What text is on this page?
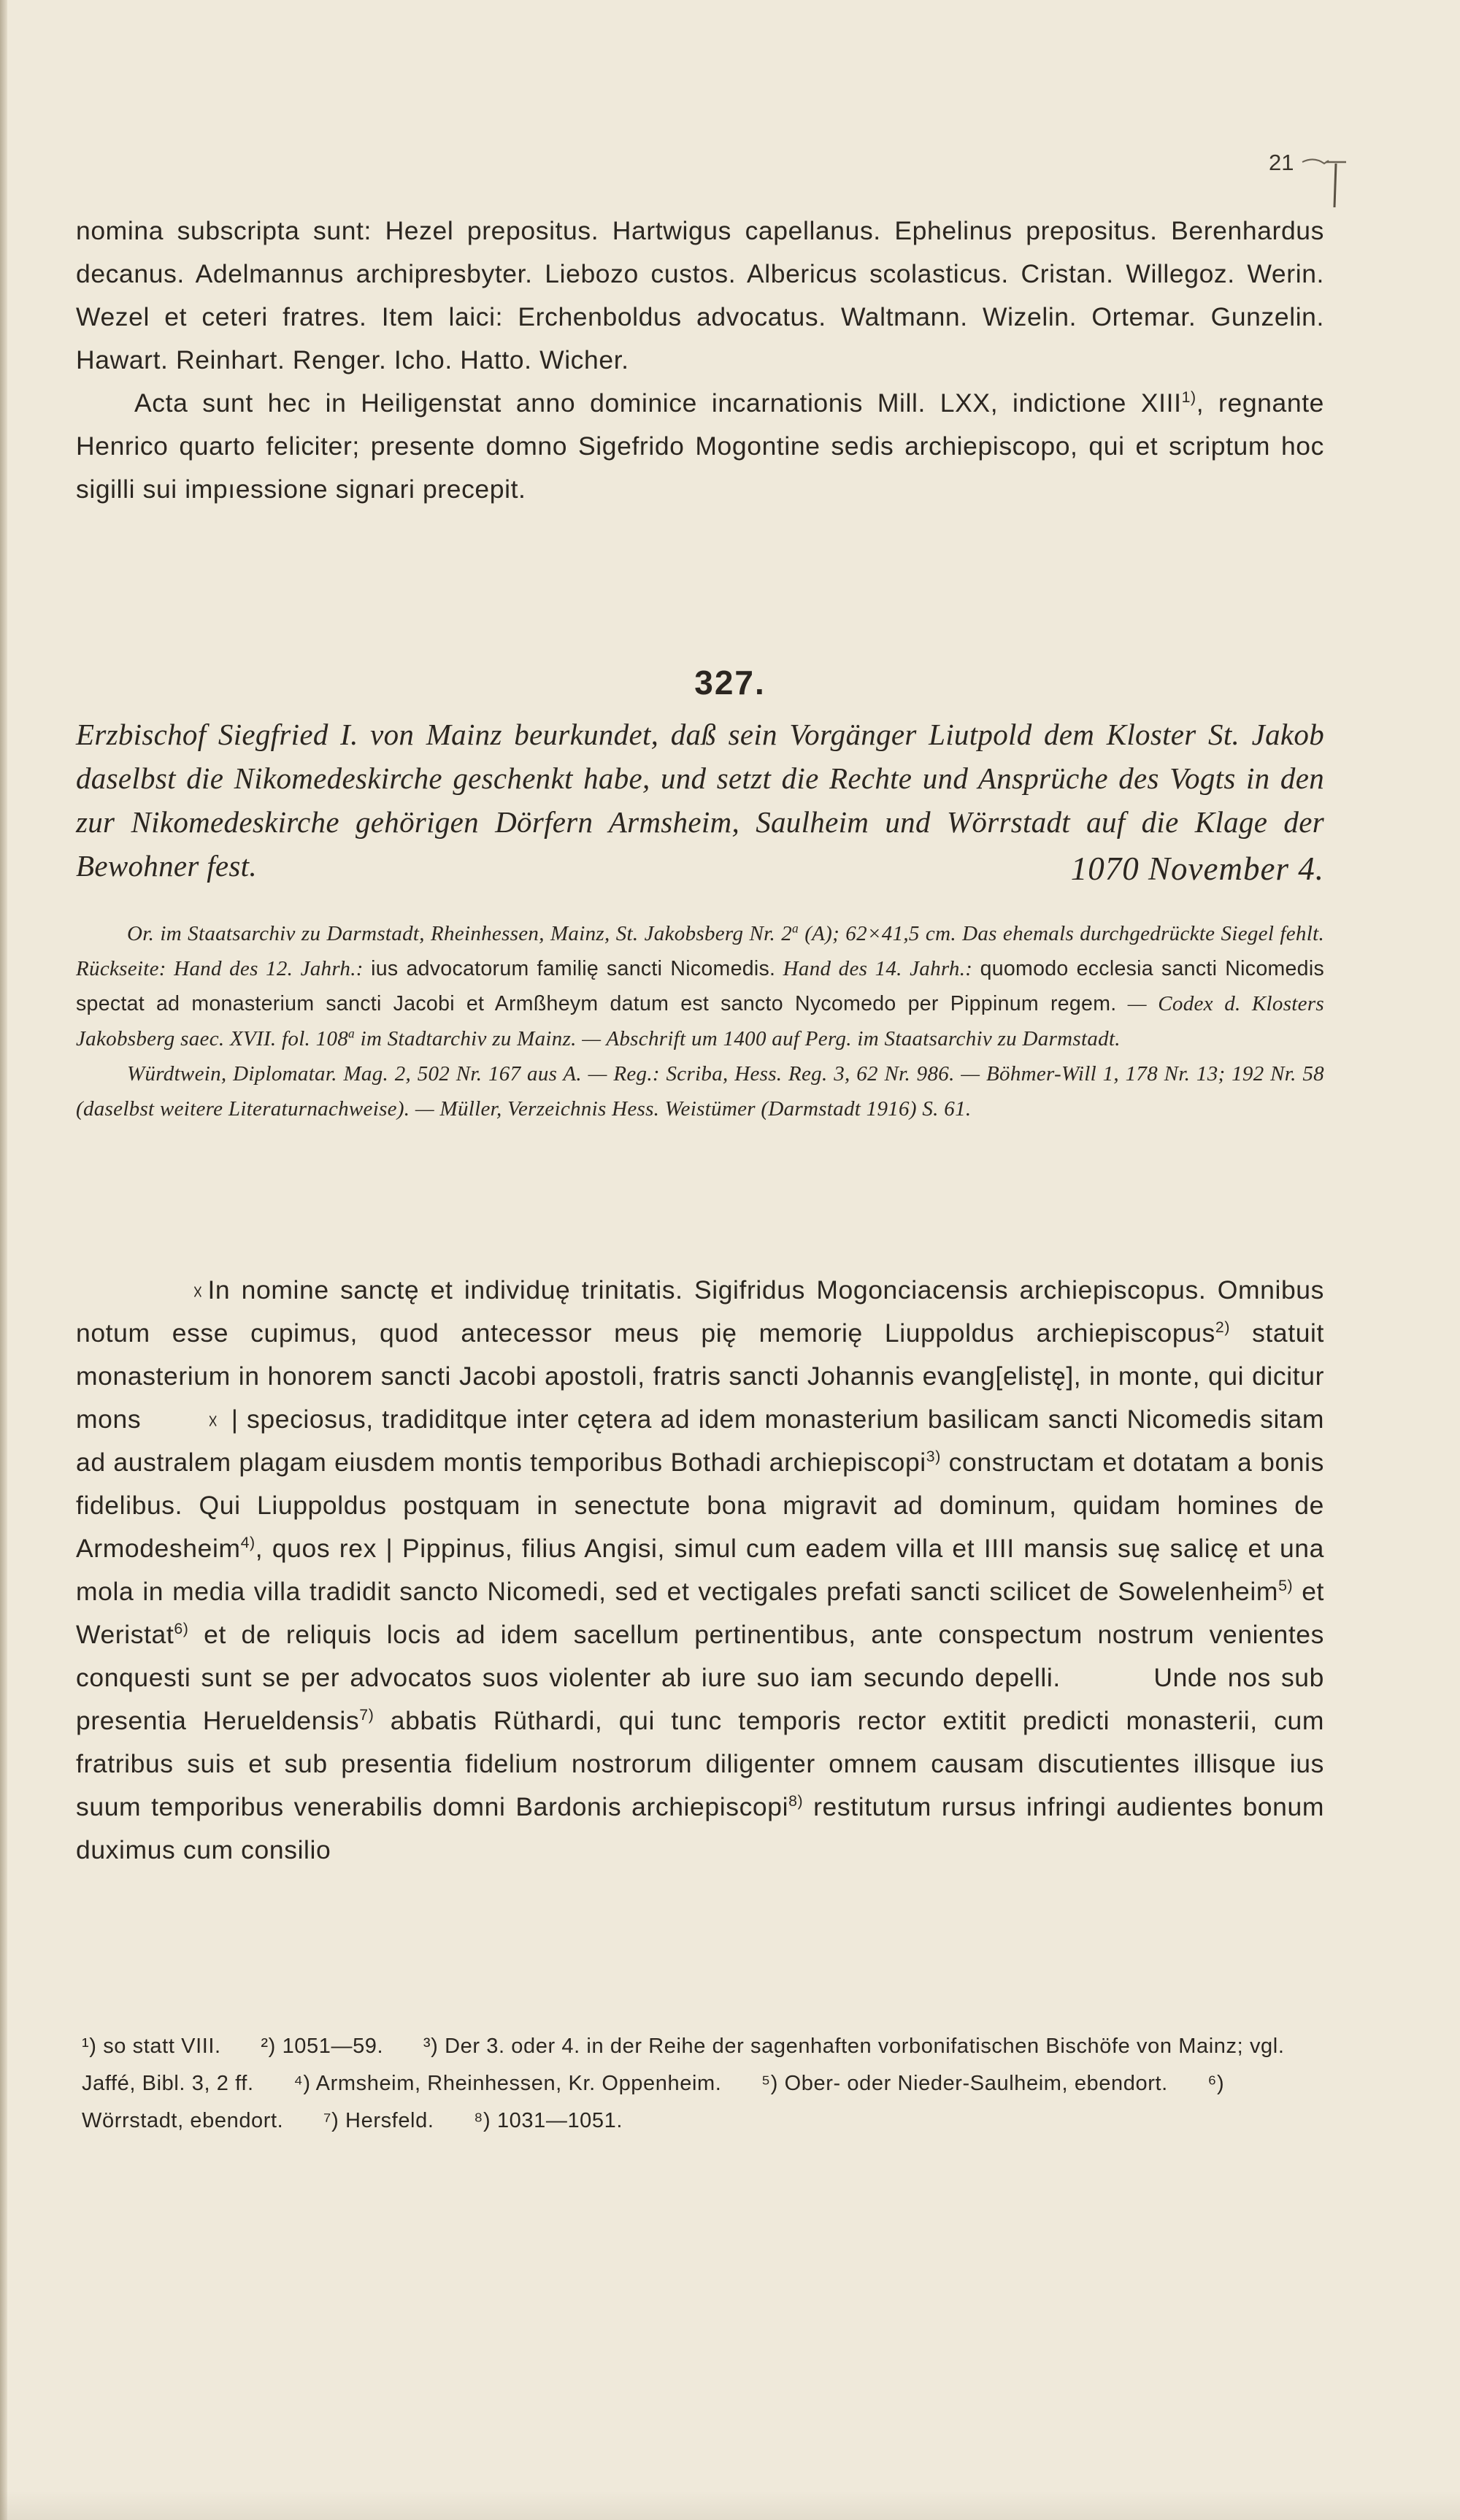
21

nomina subscripta sunt: Hezel prepositus. Hartwigus capellanus. Ephelinus prepositus. Berenhardus decanus. Adelmannus archipresbyter. Liebozo custos. Albericus scolasticus. Cristan. Willegoz. Werin. Wezel et ceteri fratres. Item laici: Erchenboldus advocatus. Waltmann. Wizelin. Ortemar. Gunzelin. Hawart. Reinhart. Renger. Icho. Hatto. Wicher.

Acta sunt hec in Heiligenstat anno dominice incarnationis Mill. LXX, indictione XIII$^{1)}$, regnante Henrico quarto feliciter; presente domno Sigefrido Mogontine sedis archiepiscopo, qui et scriptum hoc sigilli sui impıessione signari precepit.

327.
Erzbischof Siegfried I. von Mainz beurkundet, daß sein Vorgänger Liutpold dem Kloster St. Jakob daselbst die Nikomedeskirche geschenkt habe, und setzt die Rechte und Ansprüche des Vogts in den zur Nikomedeskirche gehörigen Dörfern Armsheim, Saulheim und Wörrstadt auf die Klage der Bewohner fest.	1070 November 4.

Or. im Staatsarchiv zu Darmstadt, Rheinhessen, Mainz, St. Jakobsberg Nr. 2$^a$ (A); 62×41,5 cm. Das ehemals durchgedrückte Siegel fehlt. Rückseite: Hand des 12. Jahrh.: ius advocatorum familię sancti Nicomedis. Hand des 14. Jahrh.: quomodo ecclesia sancti Nicomedis spectat ad monasterium sancti Jacobi et Armßheym datum est sancto Nycomedo per Pippinum regem. — Codex d. Klosters Jakobsberg saec. XVII. fol. 108$^a$ im Stadtarchiv zu Mainz. — Abschrift um 1400 auf Perg. im Staatsarchiv zu Darmstadt.

Würdtwein, Diplomatar. Mag. 2, 502 Nr. 167 aus A. — Reg.: Scriba, Hess. Reg. 3, 62 Nr. 986. — Böhmer-Will 1, 178 Nr. 13; 192 Nr. 58 (daselbst weitere Literaturnachweise). — Müller, Verzeichnis Hess. Weistümer (Darmstadt 1916) S. 61.

☓ In nomine sanctę et individuę trinitatis. Sigifridus Mogonciacensis archiepiscopus. Omnibus notum esse cupimus, quod antecessor meus pię memorię Liuppoldus archiepiscopus$^{2)}$ statuit monasterium in honorem sancti Jacobi apostoli, fratris sancti Johannis evang[elistę], in monte, qui dicitur mons	☓ | speciosus, tradiditque inter cętera ad idem monasterium basilicam sancti Nicomedis sitam ad australem plagam eiusdem montis temporibus Bothadi archiepiscopi$^{3)}$ constructam et dotatam a bonis fidelibus. Qui Liuppoldus postquam in senectute bona migravit ad dominum, quidam homines de Armodesheim$^{4)}$, quos rex | Pippinus, filius Angisi, simul cum eadem villa et IIII mansis suę salicę et una mola in media villa tradidit sancto Nicomedi, sed et vectigales prefati sancti scilicet de Sowelenheim$^{5)}$ et Weristat$^{6)}$ et de reliquis locis ad idem sacellum pertinentibus, ante conspectum nostrum venientes conquesti sunt se per advocatos suos violenter ab iure suo iam secundo depelli.	Unde nos sub presentia Herueldensis$^{7)}$ abbatis Rüthardi, qui tunc temporis rector extitit predicti monasterii, cum fratribus suis et sub presentia fidelium nostrorum diligenter omnem causam discutientes illisque ius suum temporibus venerabilis domni Bardonis archiepiscopi$^{8)}$ restitutum rursus infringi audientes bonum duximus cum consilio

¹) so statt VIII. ²) 1051—59. ³) Der 3. oder 4. in der Reihe der sagenhaften vorbonifatischen Bischöfe von Mainz; vgl. Jaffé, Bibl. 3, 2 ff. ⁴) Armsheim, Rheinhessen, Kr. Oppenheim. ⁵) Ober- oder Nieder-Saulheim, ebendort. ⁶) Wörrstadt, ebendort. ⁷) Hersfeld. ⁸) 1031—1051.
